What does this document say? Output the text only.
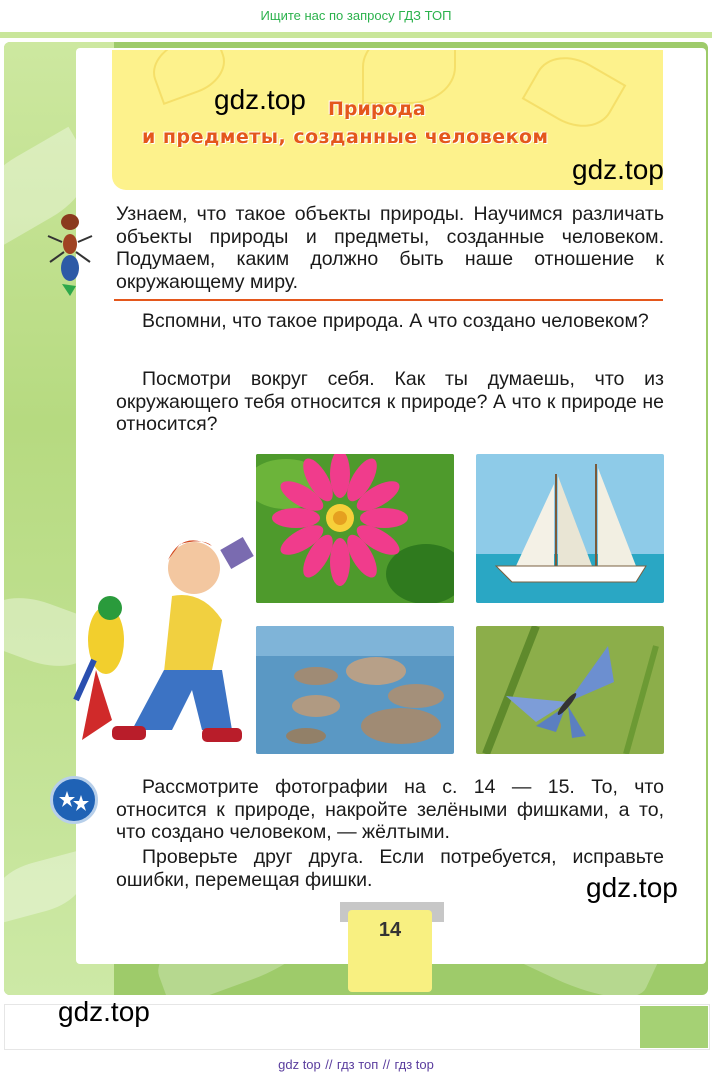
Ищите нас по запросу ГДЗ ТОП
Природа
и предметы, созданные человеком
gdz.top
gdz.top
Узнаем, что такое объекты природы. Научимся различать объекты природы и предметы, созданные человеком. Подумаем, каким должно быть наше отношение к окружающему миру.
Вспомни, что такое природа. А что создано человеком?
Посмотри вокруг себя. Как ты думаешь, что из окружающего тебя относится к природе? А что к природе не относится?
Рассмотрите фотографии на с. 14 — 15. То, что относится к природе, накройте зелёными фишками, а то, что создано человеком, — жёлтыми.
Проверьте друг друга. Если потребуется, исправьте ошибки, перемещая фишки.	gdz.top
14
gdz.top
gdz top // гдз топ // гдз top
